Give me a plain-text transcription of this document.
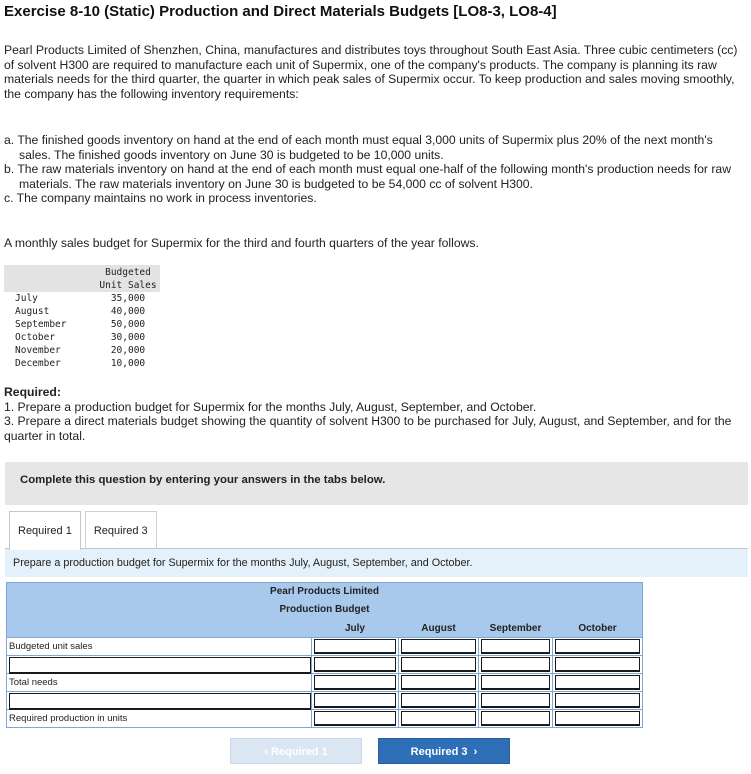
Exercise 8-10 (Static) Production and Direct Materials Budgets [LO8-3, LO8-4]
Pearl Products Limited of Shenzhen, China, manufactures and distributes toys throughout South East Asia. Three cubic centimeters (cc) of solvent H300 are required to manufacture each unit of Supermix, one of the company's products. The company is planning its raw materials needs for the third quarter, the quarter in which peak sales of Supermix occur. To keep production and sales moving smoothly, the company has the following inventory requirements:

a. The finished goods inventory on hand at the end of each month must equal 3,000 units of Supermix plus 20% of the next month's sales. The finished goods inventory on June 30 is budgeted to be 10,000 units.

b. The raw materials inventory on hand at the end of each month must equal one-half of the following month's production needs for raw materials. The raw materials inventory on June 30 is budgeted to be 54,000 cc of solvent H300.

c. The company maintains no work in process inventories.

A monthly sales budget for Supermix for the third and fourth quarters of the year follows.
Budgeted
Unit Sales
July	35,000
August	40,000
September	50,000
October	30,000
November	20,000
December	10,000

Required:

1. Prepare a production budget for Supermix for the months July, August, September, and October.

3. Prepare a direct materials budget showing the quantity of solvent H300 to be purchased for July, August, and September, and for the quarter in total.

Complete this question by entering your answers in the tabs below.
Required 1	Required 3
Prepare a production budget for Supermix for the months July, August, September, and October.
Pearl Products Limited
Production Budget
July	August	September	October
Budgeted unit sales
Total needs
Required production in units
‹ Required 1	Required 3  ›
